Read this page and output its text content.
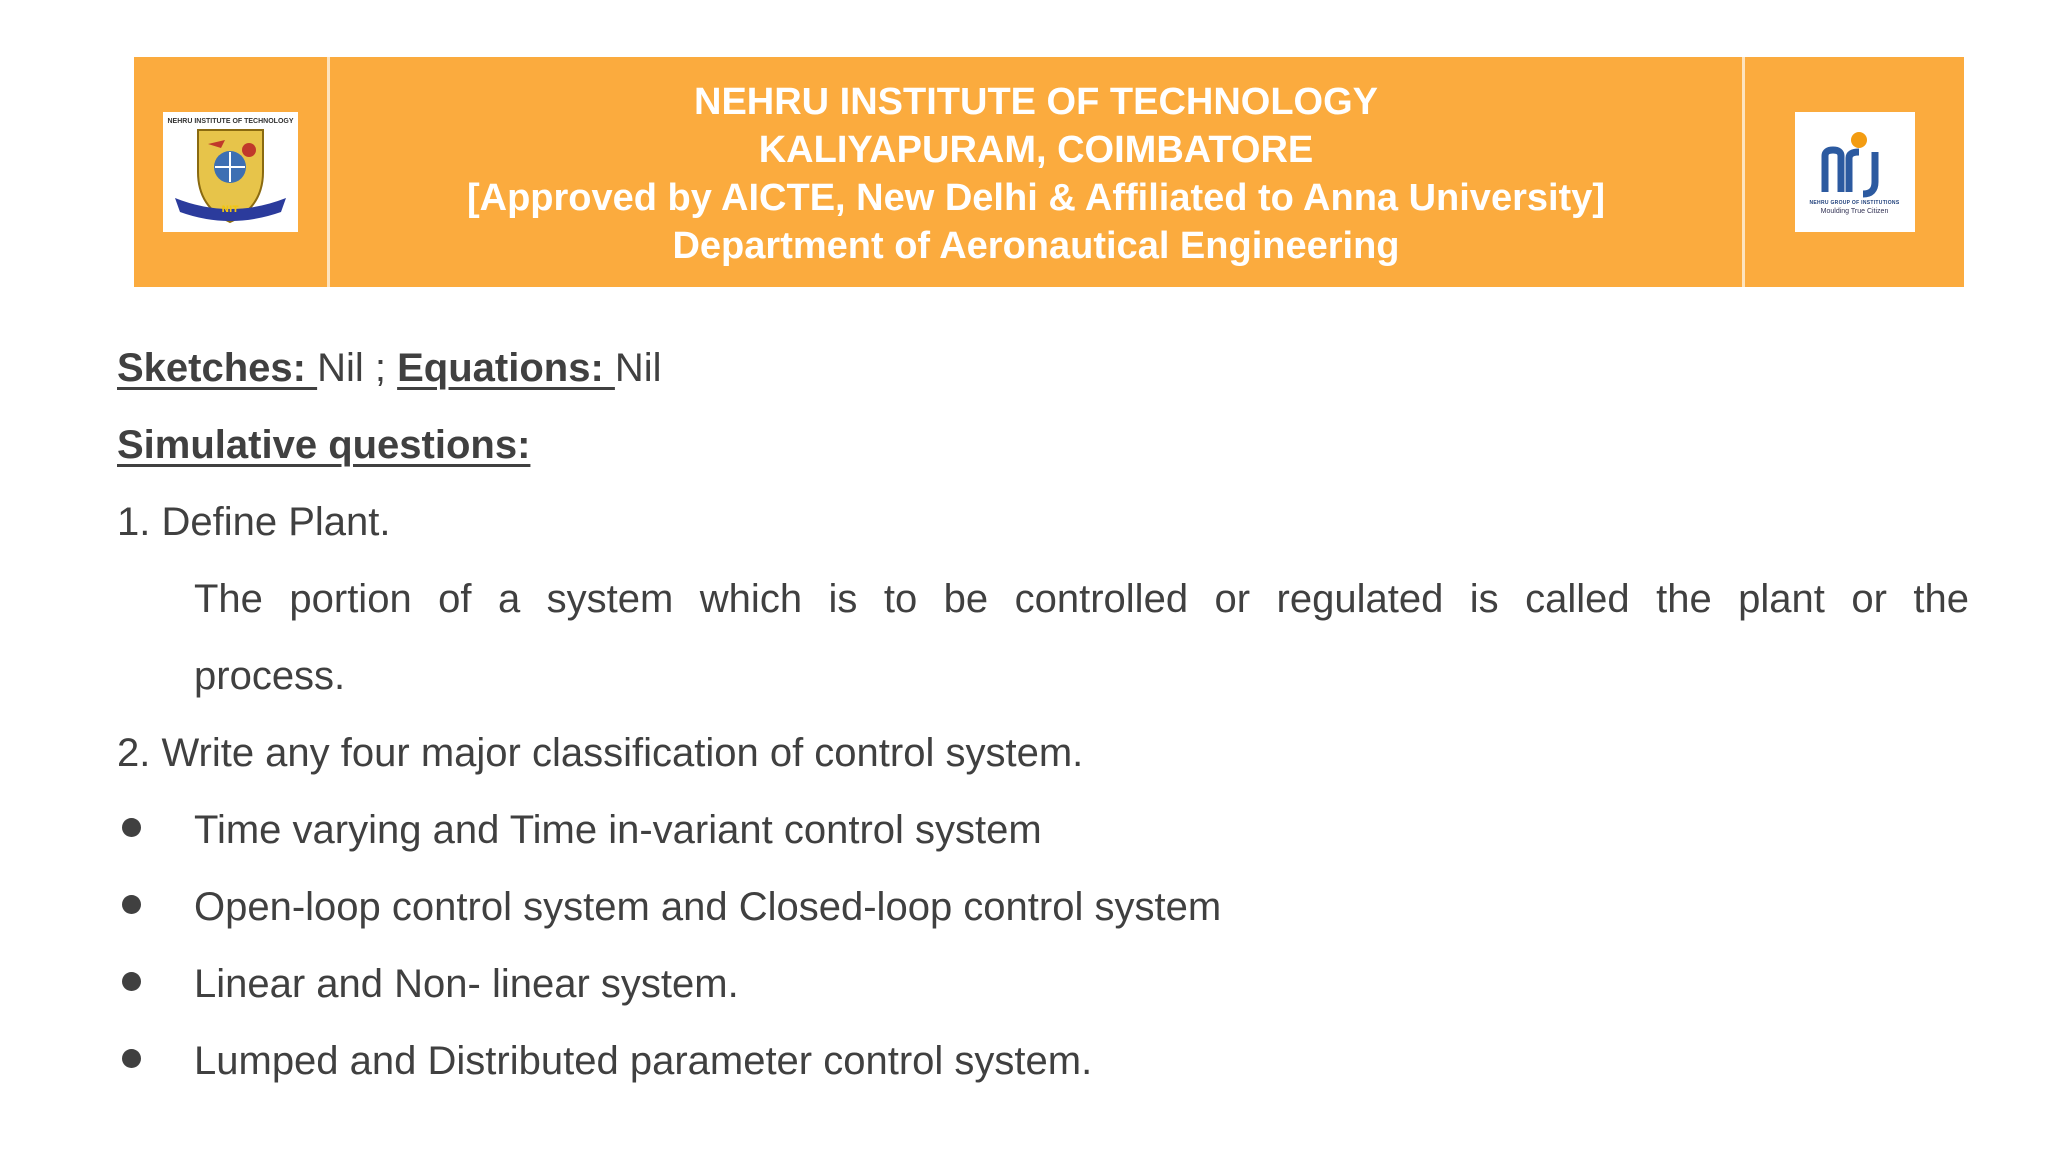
NIT
NEHRU INSTITUTE OF TECHNOLOGY	NEHRU INSTITUTE OF TECHNOLOGY
KALIYAPURAM, COIMBATORE
[Approved by AICTE, New Delhi & Affiliated to Anna University]
Department of Aeronautical Engineering
NEHRU GROUP OF INSTITUTIONS
Moulding True Citizen
Sketches: Nil ; Equations: Nil
Simulative questions:
1. Define Plant.
The portion of a system which is to be controlled or regulated is called the plant or the
process.
2. Write any four major classification of control system.
Time varying and Time in-variant control system
Open-loop control system and Closed-loop control system
Linear and Non- linear system.
Lumped and Distributed parameter control system.
